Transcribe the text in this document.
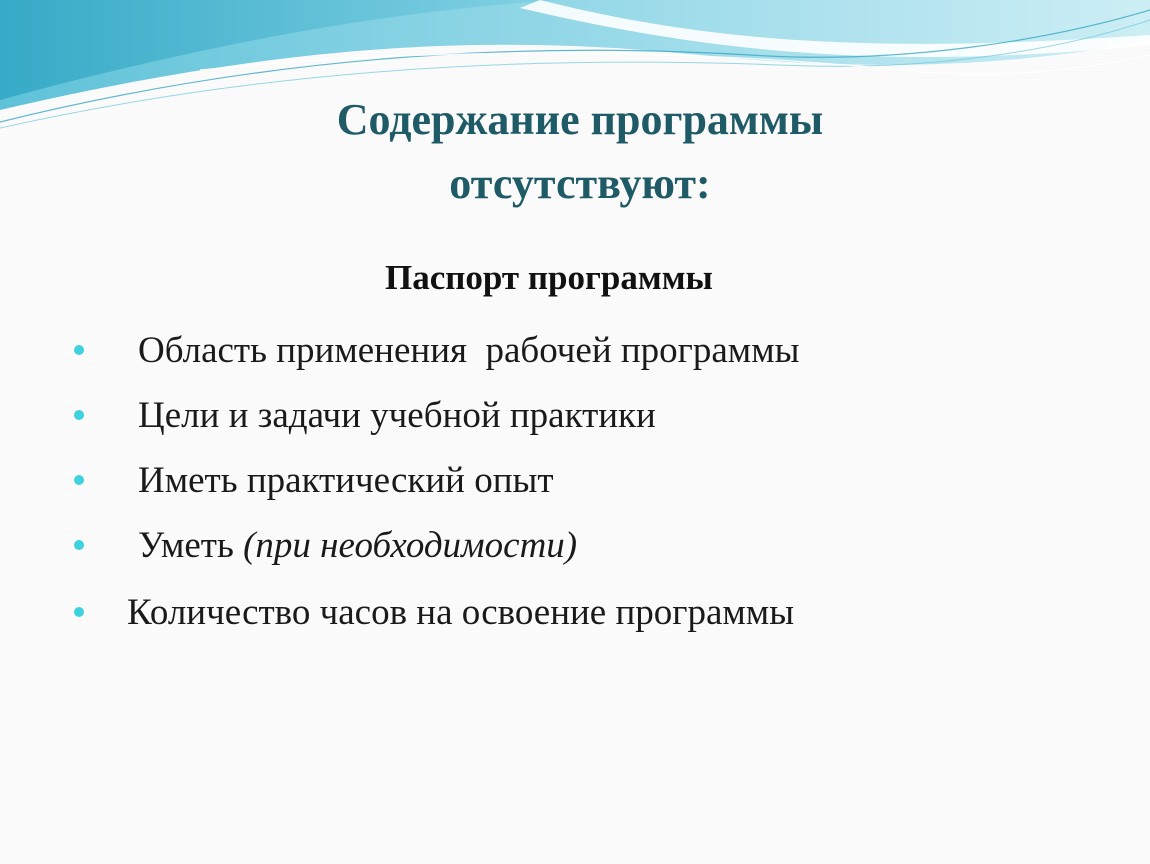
Содержание программы
отсутствуют:
Паспорт программы
Область применения  рабочей программы
Цели и задачи учебной практики
Иметь практический опыт
Уметь (при необходимости)
Количество часов на освоение программы
